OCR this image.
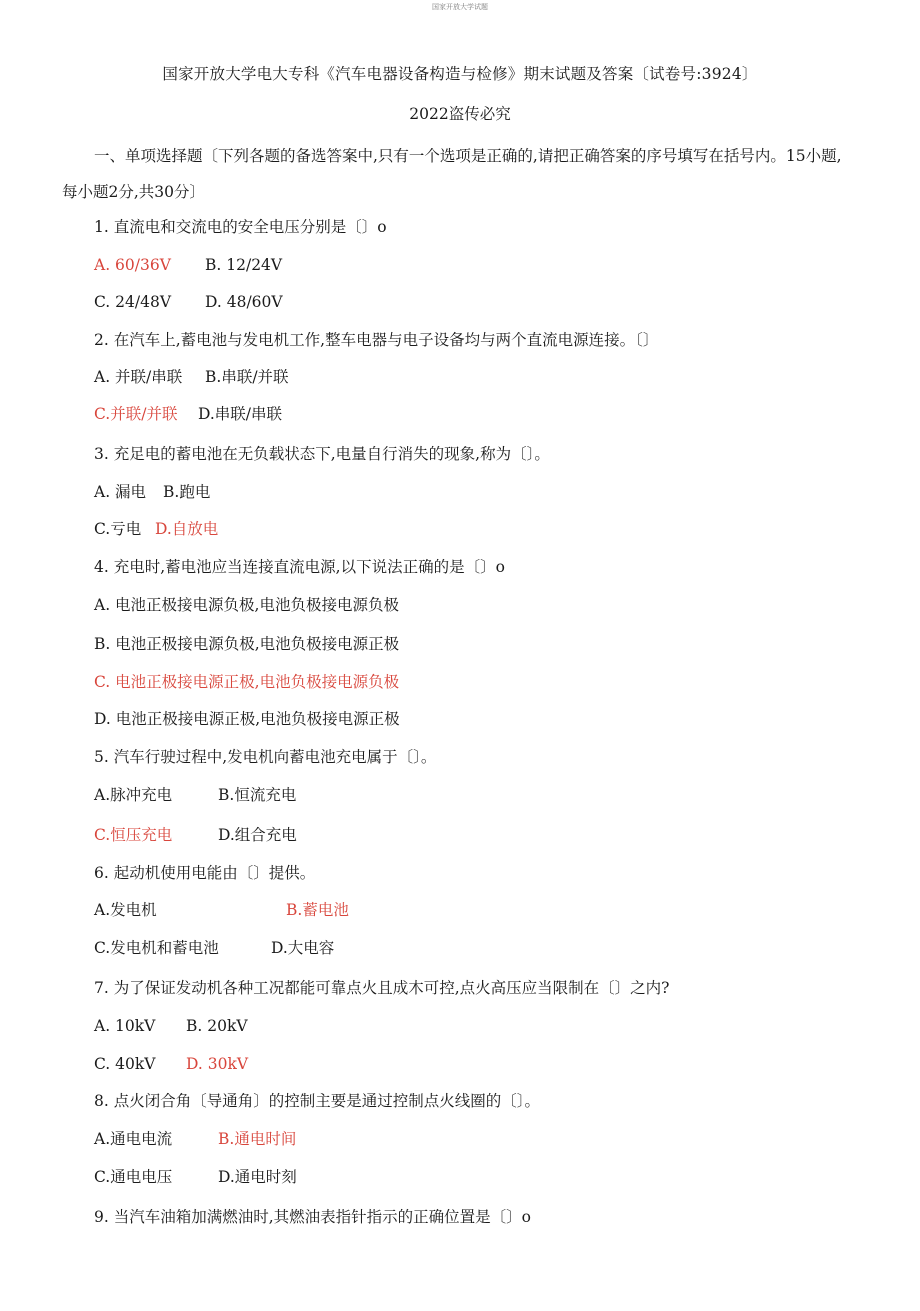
国家开放大学试题
国家开放大学电大专科《汽车电器设备构造与检修》期末试题及答案〔试卷号:3924〕
2022盗传必究
一、单项选择题〔下列各题的备选答案中,只有一个选项是正确的,请把正确答案的序号填写在括号内。15小题,每小题2分,共30分〕
1. 直流电和交流电的安全电压分别是〔〕o
A. 60/36V B. 12/24V
C. 24/48V D. 48/60V
2. 在汽车上,蓄电池与发电机工作,整车电器与电子设备均与两个直流电源连接。〔〕
A. 并联/串联 B.串联/并联
C.并联/并联 D.串联/串联
3. 充足电的蓄电池在无负载状态下,电量自行消失的现象,称为〔〕。
A. 漏电 B.跑电
C.亏电 D.自放电
4. 充电时,蓄电池应当连接直流电源,以下说法正确的是〔〕o
A. 电池正极接电源负极,电池负极接电源负极
B. 电池正极接电源负极,电池负极接电源正极
C. 电池正极接电源正极,电池负极接电源负极
D. 电池正极接电源正极,电池负极接电源正极
5. 汽车行驶过程中,发电机向蓄电池充电属于〔〕。
A.脉冲充电	B.恒流充电
C.恒压充电	D.组合充电
6. 起动机使用电能由〔〕提供。
A.发电机	B.蓄电池
C.发电机和蓄电池	D.大电容
7. 为了保证发动机各种工况都能可靠点火且成木可控,点火高压应当限制在〔〕之内?
A. 10kV B. 20kV
C. 40kV D. 30kV
8. 点火闭合角〔导通角〕的控制主要是通过控制点火线圈的〔〕。
A.通电电流	B.通电时间
C.通电电压	D.通电时刻
9. 当汽车油箱加满燃油时,其燃油表指针指示的正确位置是〔〕o
